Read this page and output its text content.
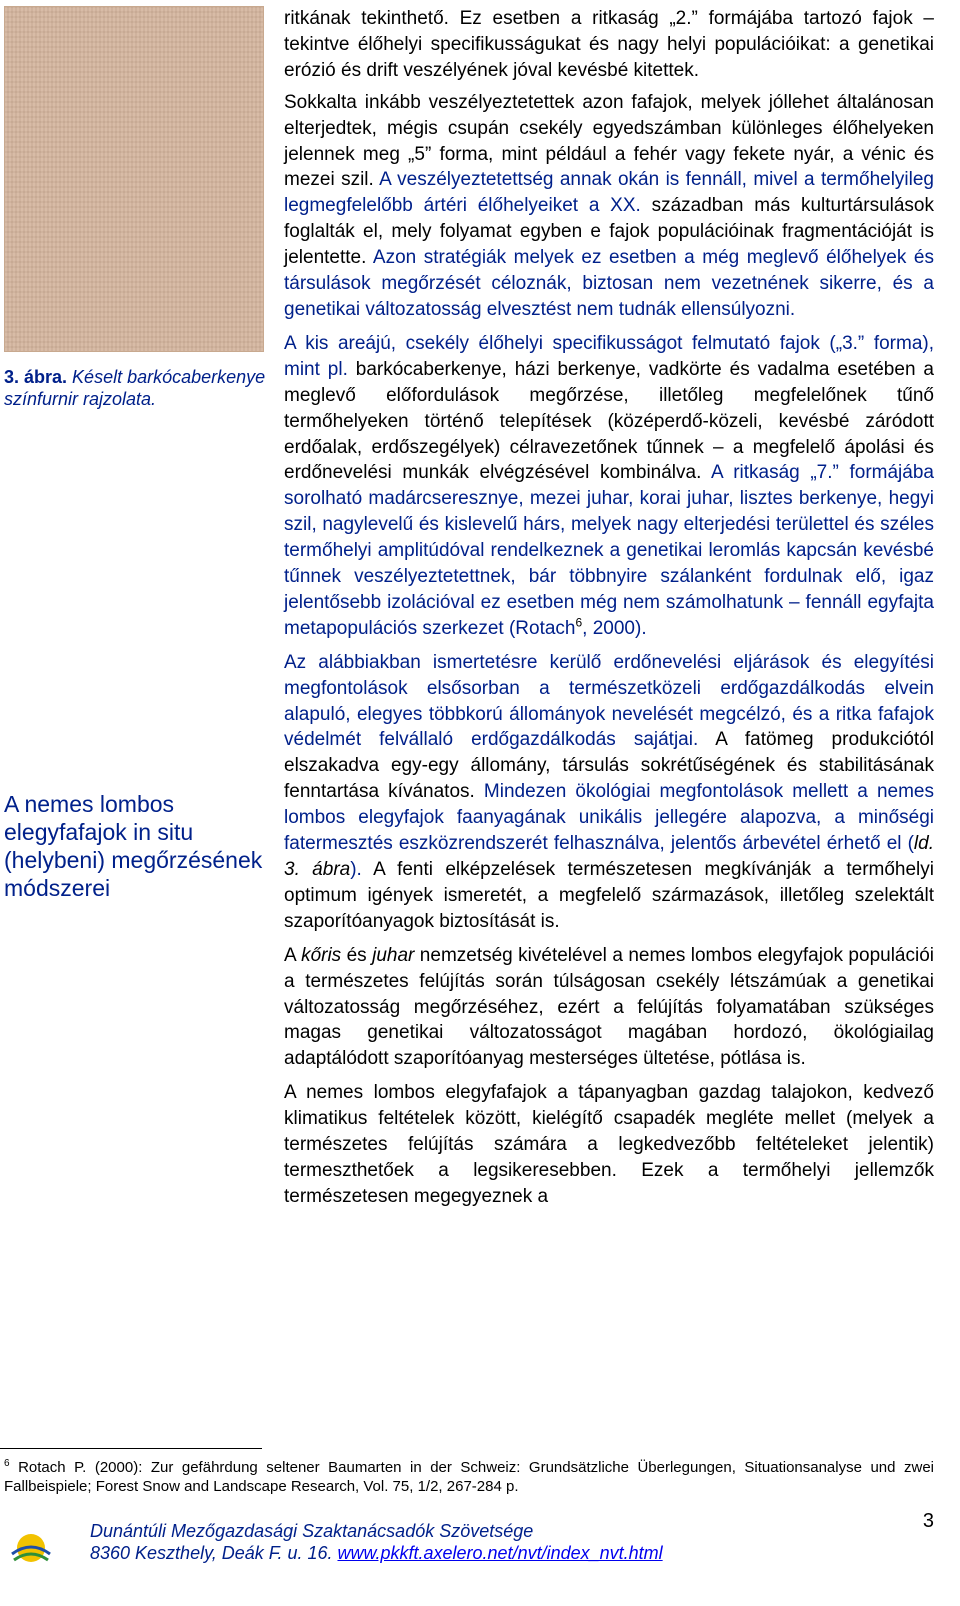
3. ábra. Késelt barkócaberkenye színfurnir rajzolata.
A nemes lombos elegyfafajok in situ (helybeni) megőrzésének módszerei

ritkának tekinthető. Ez esetben a ritkaság „2.” formájába tartozó fajok – tekintve élőhelyi specifikusságukat és nagy helyi populációikat: a genetikai erózió és drift veszélyének jóval kevésbé kitettek.

Sokkalta inkább veszélyeztetettek azon fafajok, melyek jóllehet általánosan elterjedtek, mégis csupán csekély egyedszámban különleges élőhelyeken jelennek meg „5” forma, mint például a fehér vagy fekete nyár, a vénic és mezei szil. A veszélyeztetettség annak okán is fennáll, mivel a termőhelyileg legmegfelelőbb ártéri élőhelyeiket a XX. században más kulturtársulások foglalták el, mely folyamat egyben e fajok populációinak fragmentációját is jelentette. Azon stratégiák melyek ez esetben a még meglevő élőhelyek és társulások megőrzését céloznák, biztosan nem vezetnének sikerre, és a genetikai változatosság elvesztést nem tudnák ellensúlyozni.

A kis areájú, csekély élőhelyi specifikusságot felmutató fajok („3.” forma), mint pl. barkócaberkenye, házi berkenye, vadkörte és vadalma esetében a meglevő előfordulások megőrzése, illetőleg megfelelőnek tűnő termőhelyeken történő telepítések (középerdő-közeli, kevésbé záródott erdőalak, erdőszegélyek) célravezetőnek tűnnek – a megfelelő ápolási és erdőnevelési munkák elvégzésével kombinálva. A ritkaság „7.” formájába sorolható madárcseresznye, mezei juhar, korai juhar, lisztes berkenye, hegyi szil, nagylevelű és kislevelű hárs, melyek nagy elterjedési területtel és széles termőhelyi amplitúdóval rendelkeznek a genetikai leromlás kapcsán kevésbé tűnnek veszélyeztetettnek, bár többnyire szálanként fordulnak elő, igaz jelentősebb izolációval ez esetben még nem számolhatunk – fennáll egyfajta metapopulációs szerkezet (Rotach$^6$, 2000).

Az alábbiakban ismertetésre kerülő erdőnevelési eljárások és elegyítési megfontolások elsősorban a természetközeli erdőgazdálkodás elvein alapuló, elegyes többkorú állományok nevelését megcélzó, és a ritka fafajok védelmét felvállaló erdőgazdálkodás sajátjai. A fatömeg produkciótól elszakadva egy-egy állomány, társulás sokrétűségének és stabilitásának fenntartása kívánatos. Mindezen ökológiai megfontolások mellett a nemes lombos elegyfajok faanyagának unikális jellegére alapozva, a minőségi fatermesztés eszközrendszerét felhasználva, jelentős árbevétel érhető el (ld. 3. ábra). A fenti elképzelések természetesen megkívánják a termőhelyi optimum igények ismeretét, a megfelelő származások, illetőleg szelektált szaporítóanyagok biztosítását is.

A kőris és juhar nemzetség kivételével a nemes lombos elegyfajok populációi a természetes felújítás során túlságosan csekély létszámúak a genetikai változatosság megőrzéséhez, ezért a felújítás folyamatában szükséges magas genetikai változatosságot magában hordozó, ökológiailag adaptálódott szaporítóanyag mesterséges ültetése, pótlása is.

A nemes lombos elegyfafajok a tápanyagban gazdag talajokon, kedvező klimatikus feltételek között, kielégítő csapadék megléte mellet (melyek a természetes felújítás számára a legkedvezőbb feltételeket jelentik) termeszthetőek a legsikeresebben. Ezek a termőhelyi jellemzők természetesen megegyeznek a

$^6$ Rotach P. (2000): Zur gefährdung seltener Baumarten in der Schweiz: Grundsätzliche Überlegungen, Situationsanalyse und zwei Fallbeispiele; Forest Snow and Landscape Research, Vol. 75, 1/2, 267-284 p.
Dunántúli Mezőgazdasági Szaktanácsadók Szövetsége
8360 Keszthely, Deák F. u. 16. www.pkkft.axelero.net/nvt/index_nvt.html
3
